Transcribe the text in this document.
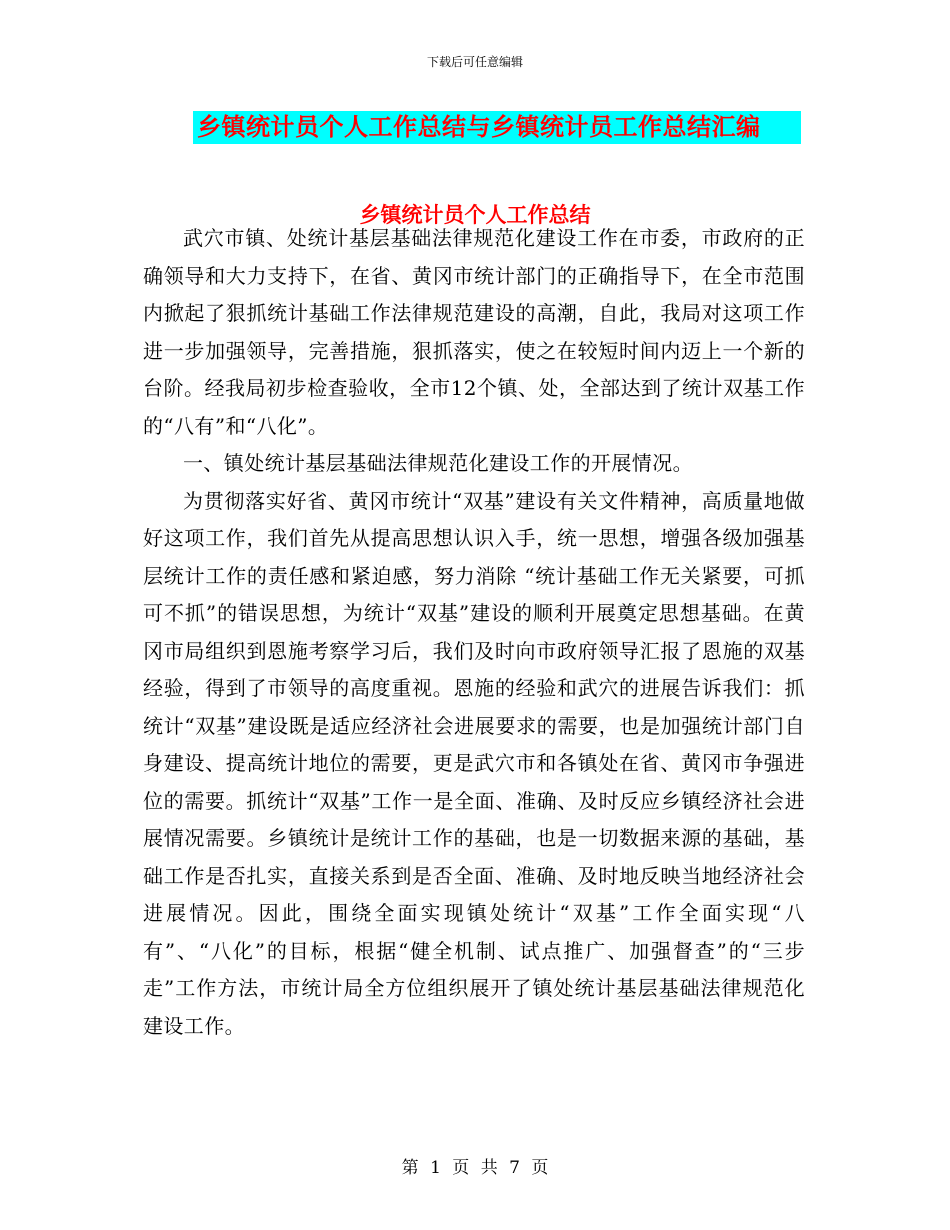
下载后可任意编辑
乡镇统计员个人工作总结与乡镇统计员工作总结汇编
乡镇统计员个人工作总结

武穴市镇、处统计基层基础法律规范化建设工作在市委，市政府的正确领导和大力支持下，在省、黄冈市统计部门的正确指导下，在全市范围内掀起了狠抓统计基础工作法律规范建设的高潮，自此，我局对这项工作进一步加强领导，完善措施，狠抓落实，使之在较短时间内迈上一个新的台阶。经我局初步检查验收，全市12个镇、处，全部达到了统计双基工作的“八有”和“八化”。

一、镇处统计基层基础法律规范化建设工作的开展情况。

为贯彻落实好省、黄冈市统计“双基”建设有关文件精神，高质量地做好这项工作，我们首先从提高思想认识入手，统一思想，增强各级加强基层统计工作的责任感和紧迫感，努力消除 “统计基础工作无关紧要，可抓可不抓”的错误思想，为统计“双基”建设的顺利开展奠定思想基础。在黄冈市局组织到恩施考察学习后，我们及时向市政府领导汇报了恩施的双基经验，得到了市领导的高度重视。恩施的经验和武穴的进展告诉我们：抓统计“双基”建设既是适应经济社会进展要求的需要，也是加强统计部门自身建设、提高统计地位的需要，更是武穴市和各镇处在省、黄冈市争强进位的需要。抓统计“双基”工作一是全面、准确、及时反应乡镇经济社会进展情况需要。乡镇统计是统计工作的基础，也是一切数据来源的基础，基础工作是否扎实，直接关系到是否全面、准确、及时地反映当地经济社会进展情况。因此，围绕全面实现镇处统计“双基”工作全面实现“八有”、“八化”的目标，根据“健全机制、试点推广、加强督查”的“三步走”工作方法，市统计局全方位组织展开了镇处统计基层基础法律规范化建设工作。

第 1 页 共 7 页
